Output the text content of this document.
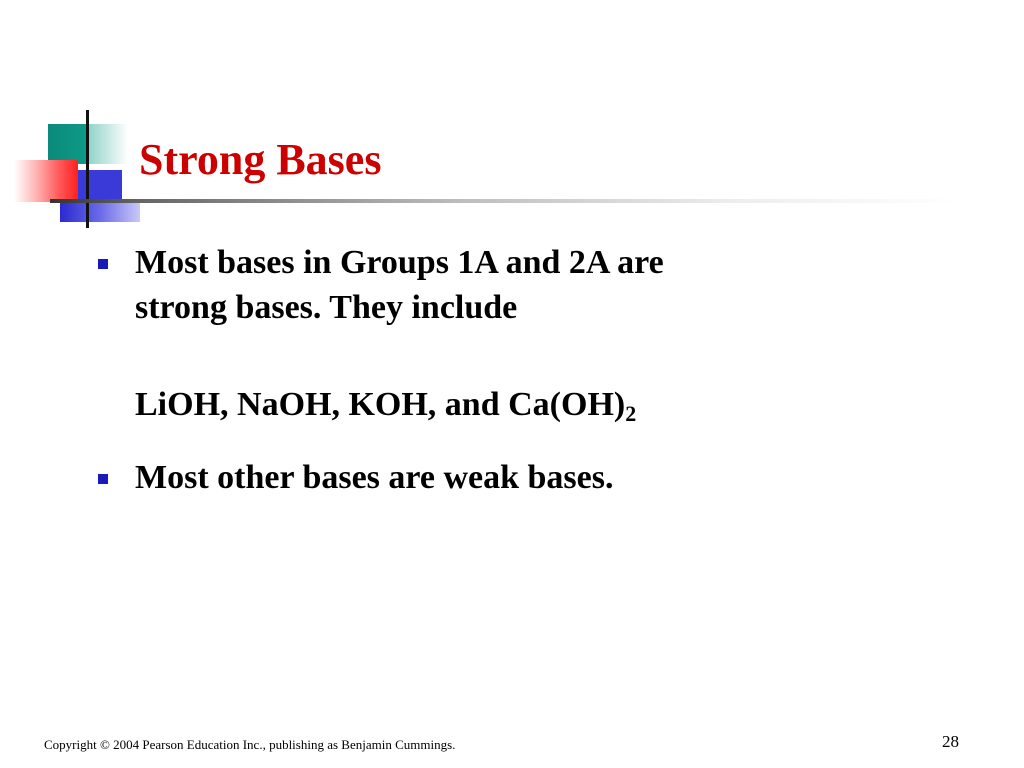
Strong Bases
Most bases in Groups 1A and 2A are
strong bases. They include
LiOH, NaOH, KOH, and $Ca(OH)_2$
Most other bases are weak bases.
Copyright © 2004 Pearson Education Inc., publishing as Benjamin Cummings.	28
